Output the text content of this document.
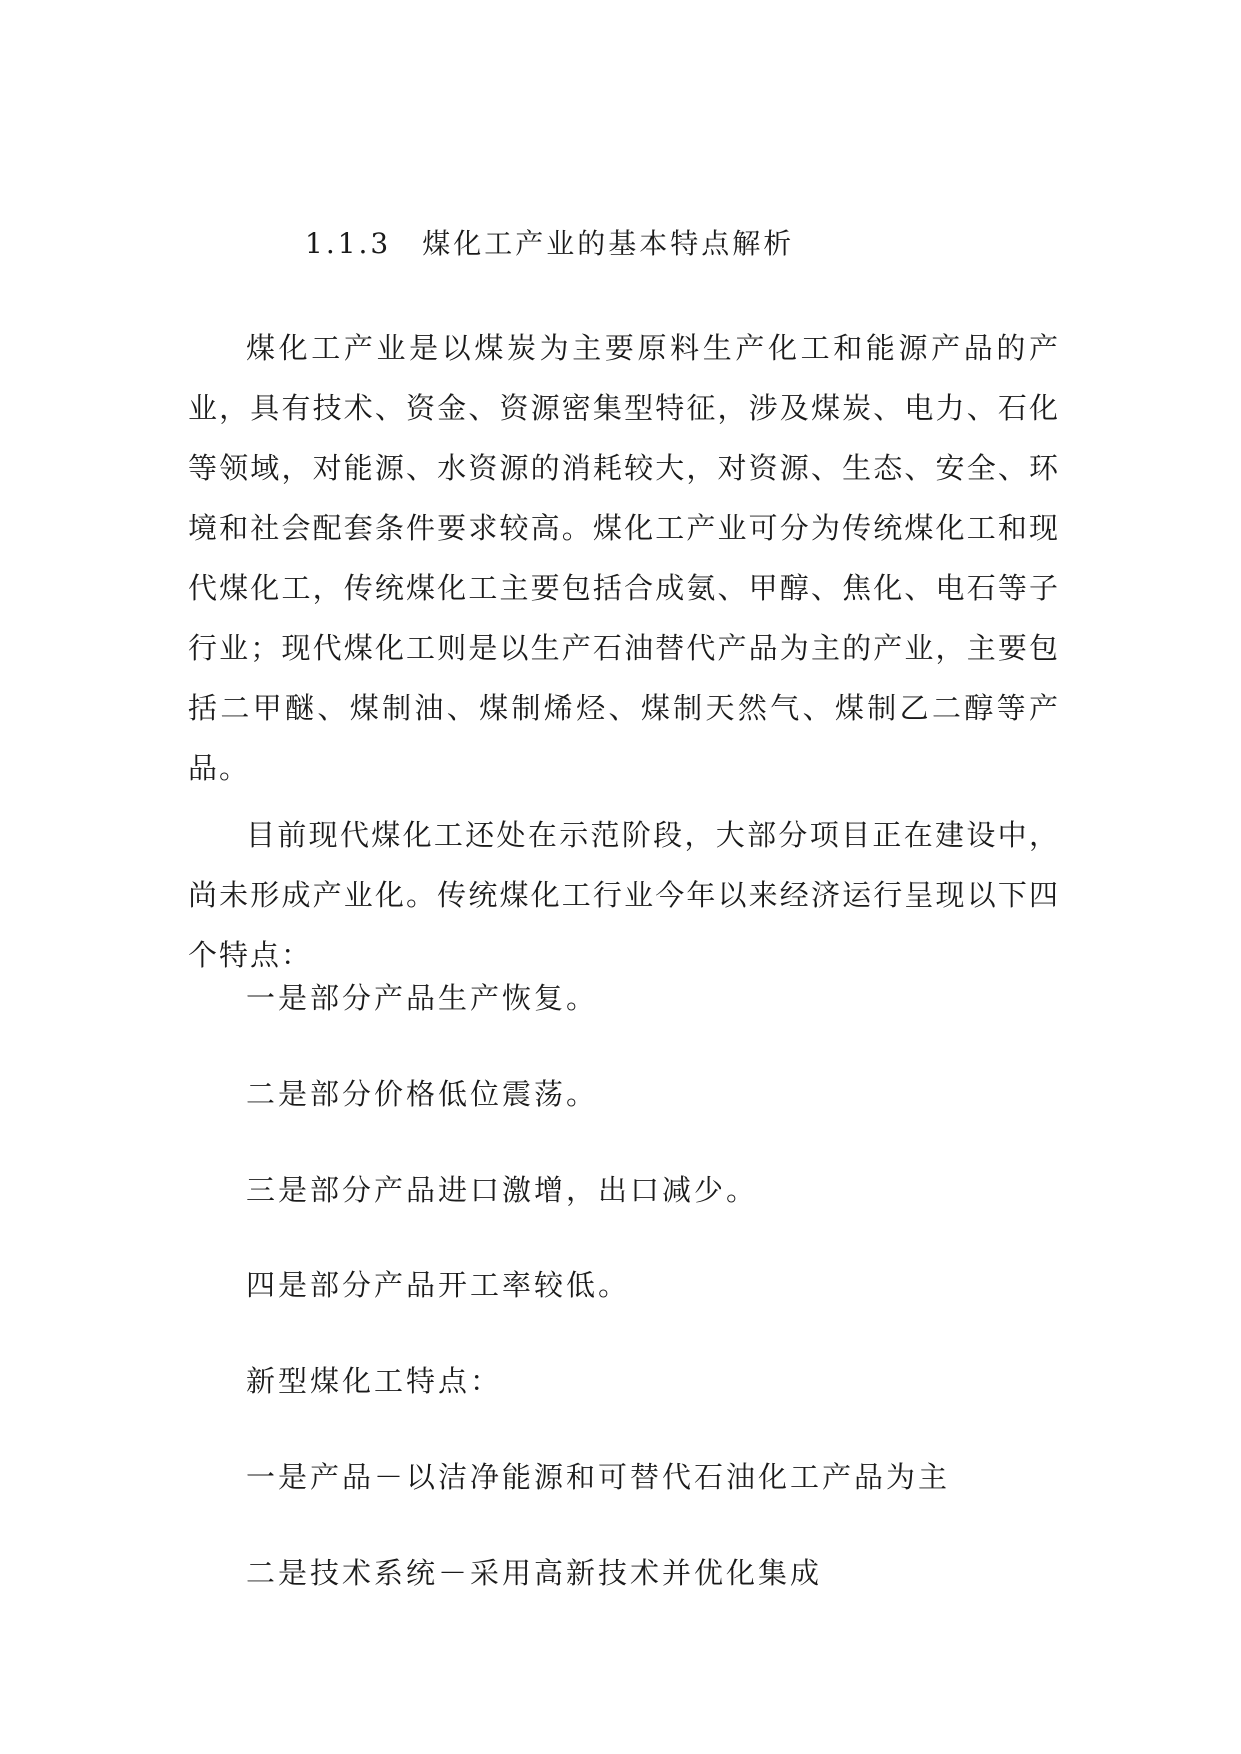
1.1.3　煤化工产业的基本特点解析

煤化工产业是以煤炭为主要原料生产化工和能源产品的产业，具有技术、资金、资源密集型特征，涉及煤炭、电力、石化等领域，对能源、水资源的消耗较大，对资源、生态、安全、环境和社会配套条件要求较高。煤化工产业可分为传统煤化工和现代煤化工，传统煤化工主要包括合成氨、甲醇、焦化、电石等子行业；现代煤化工则是以生产石油替代产品为主的产业，主要包括二甲醚、煤制油、煤制烯烃、煤制天然气、煤制乙二醇等产品。

目前现代煤化工还处在示范阶段，大部分项目正在建设中，尚未形成产业化。传统煤化工行业今年以来经济运行呈现以下四个特点：

一是部分产品生产恢复。
二是部分价格低位震荡。
三是部分产品进口激增，出口减少。
四是部分产品开工率较低。
新型煤化工特点：
一是产品－以洁净能源和可替代石油化工产品为主
二是技术系统－采用高新技术并优化集成
